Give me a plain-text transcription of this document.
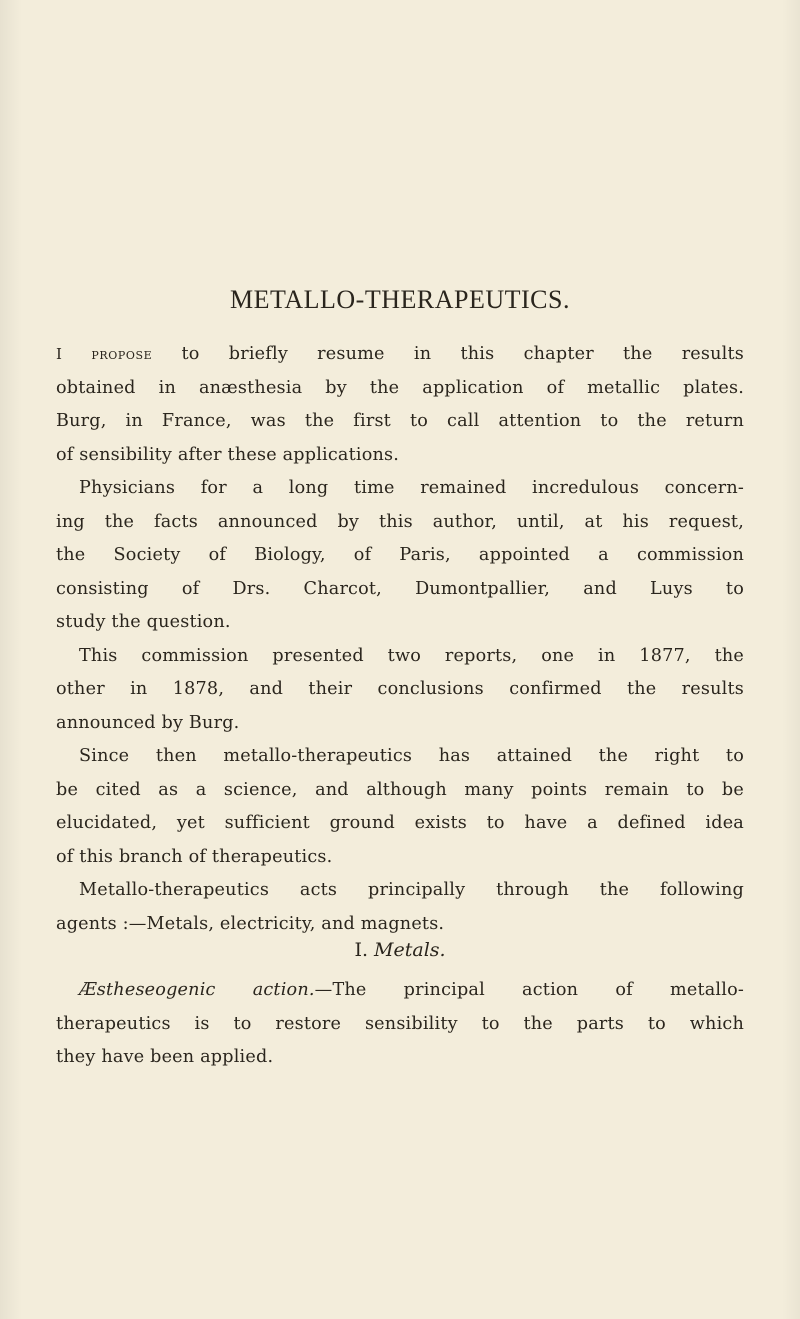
METALLO-THERAPEUTICS.
I propose to briefly resume in this chapter the results
obtained in anæsthesia by the application of metallic plates.
Burg, in France, was the first to call attention to the return
of sensibility after these applications.
Physicians for a long time remained incredulous concern-
ing the facts announced by this author, until, at his request,
the Society of Biology, of Paris, appointed a commission
consisting of Drs. Charcot, Dumontpallier, and Luys to
study the question.
This commission presented two reports, one in 1877, the
other in 1878, and their conclusions confirmed the results
announced by Burg.
Since then metallo-therapeutics has attained the right to
be cited as a science, and although many points remain to be
elucidated, yet sufficient ground exists to have a defined idea
of this branch of therapeutics.
Metallo-therapeutics acts principally through the following
agents :—Metals, electricity, and magnets.
I. Metals.
Æstheseogenic action.—The principal action of metallo-
therapeutics is to restore sensibility to the parts to which
they have been applied.
